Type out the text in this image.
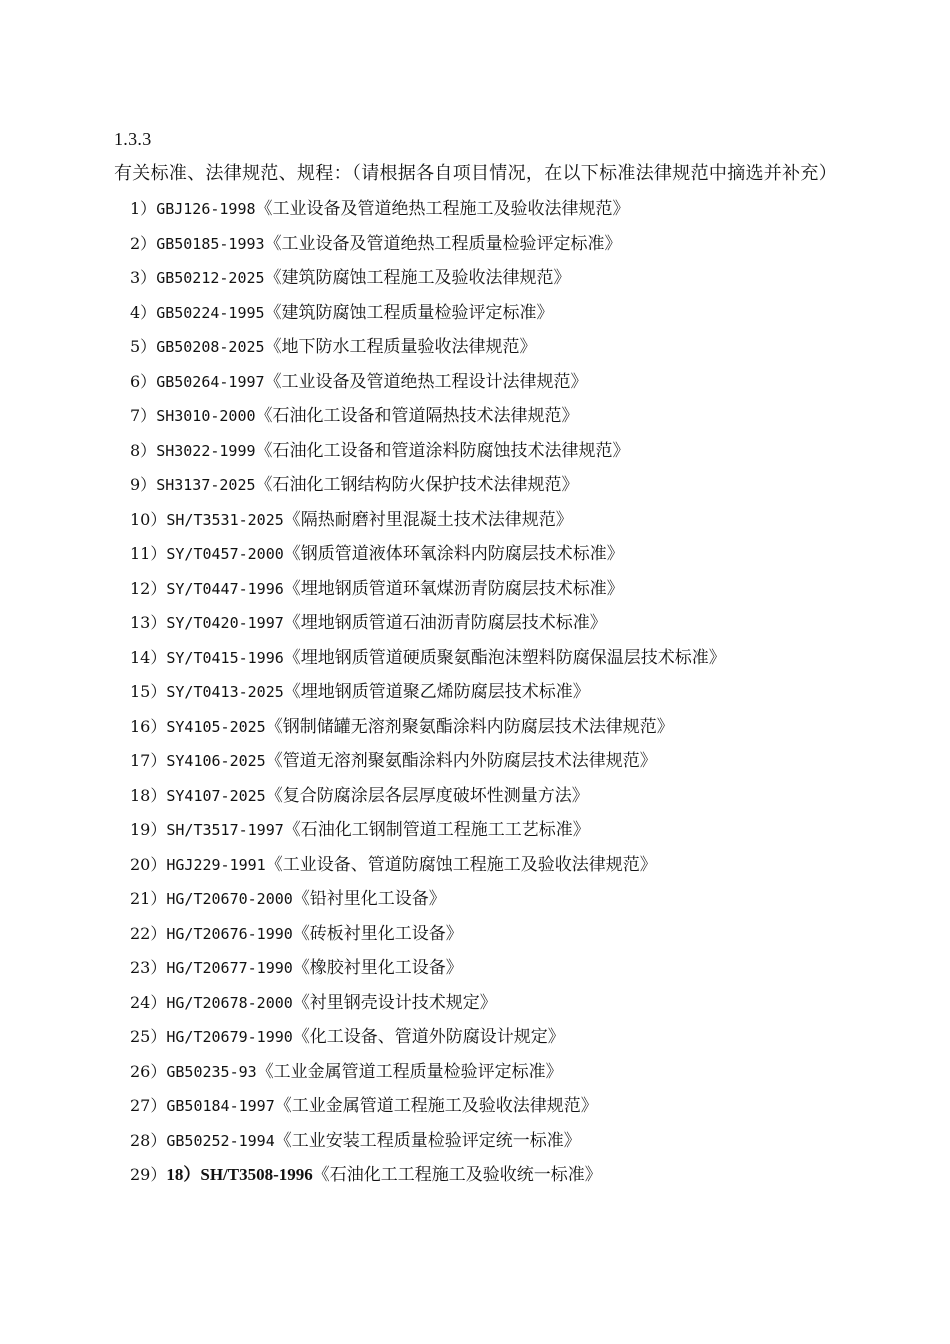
1.3.3 有关标准、法律规范、规程：（请根据各自项目情况，在以下标准法律规范中摘选并补充）
1）GBJ126-1998《工业设备及管道绝热工程施工及验收法律规范》
2）GB50185-1993《工业设备及管道绝热工程质量检验评定标准》
3）GB50212-2025《建筑防腐蚀工程施工及验收法律规范》
4）GB50224-1995《建筑防腐蚀工程质量检验评定标准》
5）GB50208-2025《地下防水工程质量验收法律规范》
6）GB50264-1997《工业设备及管道绝热工程设计法律规范》
7）SH3010-2000《石油化工设备和管道隔热技术法律规范》
8）SH3022-1999《石油化工设备和管道涂料防腐蚀技术法律规范》
9）SH3137-2025《石油化工钢结构防火保护技术法律规范》
10）SH/T3531-2025《隔热耐磨衬里混凝土技术法律规范》
11）SY/T0457-2000《钢质管道液体环氧涂料内防腐层技术标准》
12）SY/T0447-1996《埋地钢质管道环氧煤沥青防腐层技术标准》
13）SY/T0420-1997《埋地钢质管道石油沥青防腐层技术标准》
14）SY/T0415-1996《埋地钢质管道硬质聚氨酯泡沫塑料防腐保温层技术标准》
15）SY/T0413-2025《埋地钢质管道聚乙烯防腐层技术标准》
16）SY4105-2025《钢制储罐无溶剂聚氨酯涂料内防腐层技术法律规范》
17）SY4106-2025《管道无溶剂聚氨酯涂料内外防腐层技术法律规范》
18）SY4107-2025《复合防腐涂层各层厚度破坏性测量方法》
19）SH/T3517-1997《石油化工钢制管道工程施工工艺标准》
20）HGJ229-1991《工业设备、管道防腐蚀工程施工及验收法律规范》
21）HG/T20670-2000《铅衬里化工设备》
22）HG/T20676-1990《砖板衬里化工设备》
23）HG/T20677-1990《橡胶衬里化工设备》
24）HG/T20678-2000《衬里钢壳设计技术规定》
25）HG/T20679-1990《化工设备、管道外防腐设计规定》
26）GB50235-93《工业金属管道工程质量检验评定标准》
27）GB50184-1997《工业金属管道工程施工及验收法律规范》
28）GB50252-1994《工业安装工程质量检验评定统一标准》
29）18）SH/T3508-1996《石油化工工程施工及验收统一标准》
